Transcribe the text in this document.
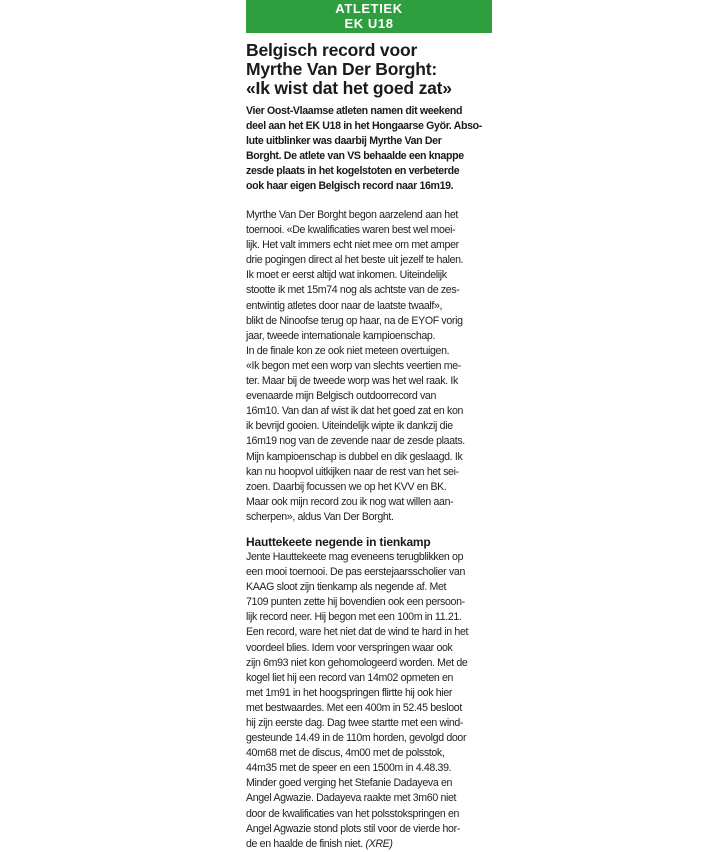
ATLETIEK
EK U18
Belgisch record voor
Myrthe Van Der Borght:
«Ik wist dat het goed zat»
Vier Oost-Vlaamse atleten namen dit weekend
deel aan het EK U18 in het Hongaarse Györ. Abso-
lute uitblinker was daarbij Myrthe Van Der
Borght. De atlete van VS behaalde een knappe
zesde plaats in het kogelstoten en verbeterde
ook haar eigen Belgisch record naar 16m19.
Myrthe Van Der Borght begon aarzelend aan het
toernooi. «De kwalificaties waren best wel moei-
lijk. Het valt immers echt niet mee om met amper
drie pogingen direct al het beste uit jezelf te halen.
Ik moet er eerst altijd wat inkomen. Uiteindelijk
stootte ik met 15m74 nog als achtste van de zes-
entwintig atletes door naar de laatste twaalf»,
blikt de Ninoofse terug op haar, na de EYOF vorig
jaar, tweede internationale kampioenschap.
In de finale kon ze ook niet meteen overtuigen.
«Ik begon met een worp van slechts veertien me-
ter. Maar bij de tweede worp was het wel raak. Ik
evenaarde mijn Belgisch outdoorrecord van
16m10. Van dan af wist ik dat het goed zat en kon
ik bevrijd gooien. Uiteindelijk wipte ik dankzij die
16m19 nog van de zevende naar de zesde plaats.
Mijn kampioenschap is dubbel en dik geslaagd. Ik
kan nu hoopvol uitkijken naar de rest van het sei-
zoen. Daarbij focussen we op het KVV en BK.
Maar ook mijn record zou ik nog wat willen aan-
scherpen», aldus Van Der Borght.
Hauttekeete negende in tienkamp
Jente Hauttekeete mag eveneens terugblikken op
een mooi toernooi. De pas eerstejaarsscholier van
KAAG sloot zijn tienkamp als negende af. Met
7109 punten zette hij bovendien ook een persoon-
lijk record neer. Hij begon met een 100m in 11.21.
Een record, ware het niet dat de wind te hard in het
voordeel blies. Idem voor verspringen waar ook
zijn 6m93 niet kon gehomologeerd worden. Met de
kogel liet hij een record van 14m02 opmeten en
met 1m91 in het hoogspringen flirtte hij ook hier
met bestwaardes. Met een 400m in 52.45 besloot
hij zijn eerste dag. Dag twee startte met een wind-
gesteunde 14.49 in de 110m horden, gevolgd door
40m68 met de discus, 4m00 met de polsstok,
44m35 met de speer en een 1500m in 4.48.39.
Minder goed verging het Stefanie Dadayeva en
Angel Agwazie. Dadayeva raakte met 3m60 niet
door de kwalificaties van het polsstokspringen en
Angel Agwazie stond plots stil voor de vierde hor-
de en haalde de finish niet. (XRE)
